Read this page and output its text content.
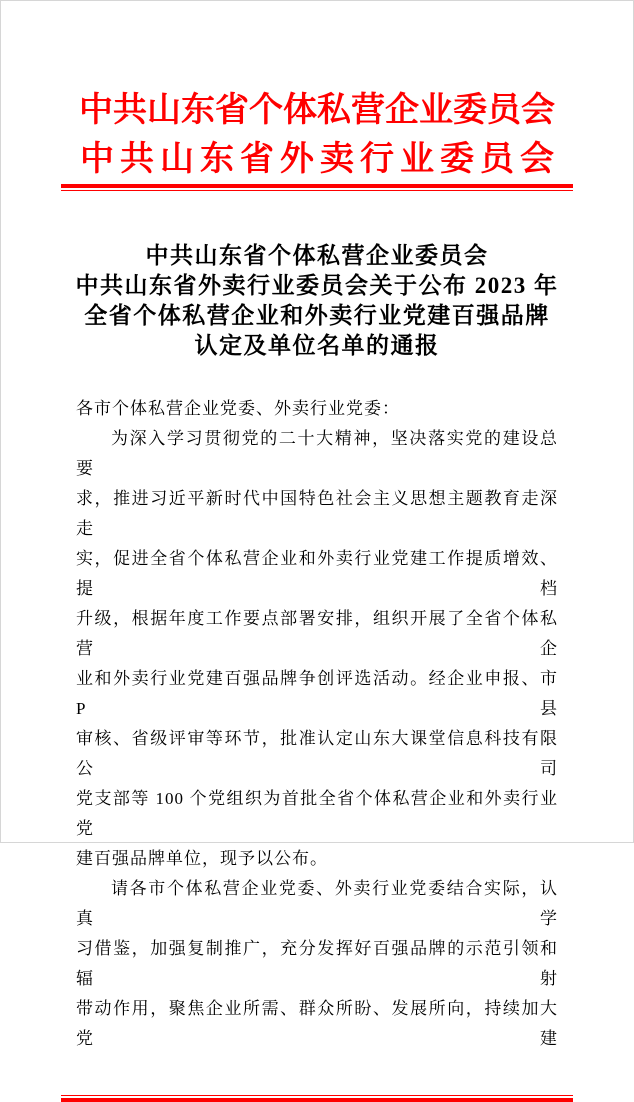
中共山东省个体私营企业委员会
中共山东省外卖行业委员会
中共山东省个体私营企业委员会
中共山东省外卖行业委员会关于公布 2023 年
全省个体私营企业和外卖行业党建百强品牌
认定及单位名单的通报
各市个体私营企业党委、外卖行业党委：
为深入学习贯彻党的二十大精神，坚决落实党的建设总要
求，推进习近平新时代中国特色社会主义思想主题教育走深走
实，促进全省个体私营企业和外卖行业党建工作提质增效、提档
升级，根据年度工作要点部署安排，组织开展了全省个体私营企
业和外卖行业党建百强品牌争创评选活动。经企业申报、市 P 县
审核、省级评审等环节，批准认定山东大课堂信息科技有限公司
党支部等 100 个党组织为首批全省个体私营企业和外卖行业党
建百强品牌单位，现予以公布。
请各市个体私营企业党委、外卖行业党委结合实际，认真学
习借鉴，加强复制推广，充分发挥好百强品牌的示范引领和辐射
带动作用，聚焦企业所需、群众所盼、发展所向，持续加大党建
